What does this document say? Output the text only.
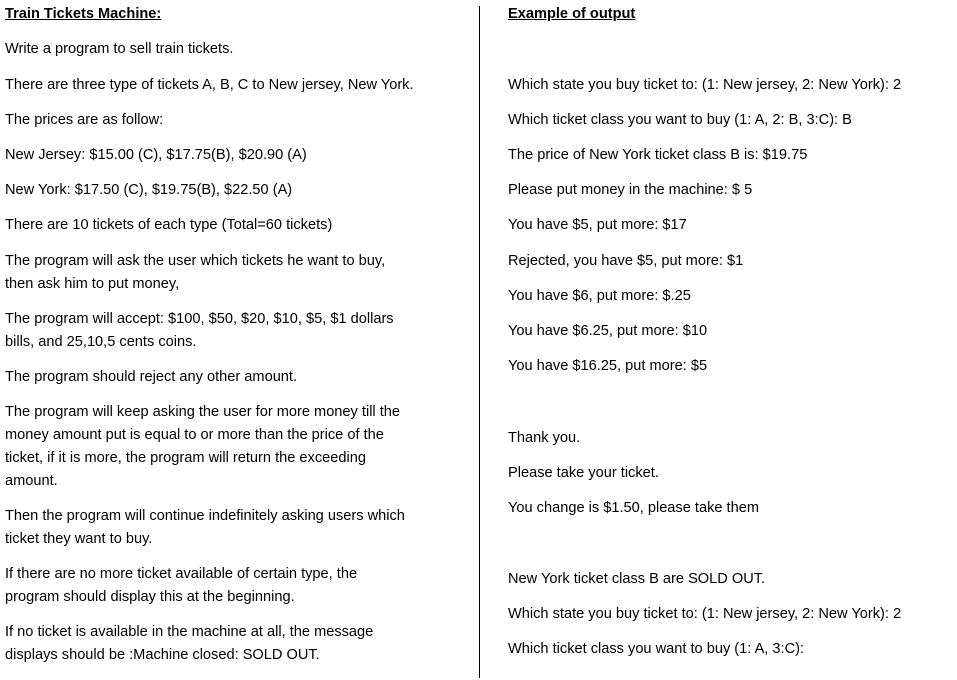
Train Tickets Machine:
Write a program to sell train tickets.
There are three type of tickets A, B, C to New jersey, New York.
The prices are as follow:
New Jersey: $15.00 (C), $17.75(B), $20.90 (A)
New York: $17.50 (C), $19.75(B), $22.50 (A)
There are 10 tickets of each type (Total=60 tickets)
The program will ask the user which tickets he want to buy,
then ask him to put money,
The program will accept: $100, $50, $20, $10, $5, $1 dollars
bills, and 25,10,5 cents coins.
The program should reject any other amount.
The program will keep asking the user for more money till the
money amount put is equal to or more than the price of the
ticket, if it is more, the program will return the exceeding
amount.
Then the program will continue indefinitely asking users which
ticket they want to buy.
If there are no more ticket available of certain type, the
program should display this at the beginning.
If no ticket is available in the machine at all, the message
displays should be :Machine closed: SOLD OUT.
Example of output
Which state you buy ticket to: (1: New jersey, 2: New York): 2
Which ticket class you want to buy (1: A, 2: B, 3:C): B
The price of New York ticket class B is: $19.75
Please put money in the machine: $ 5
You have $5, put more: $17
Rejected, you have $5, put more: $1
You have $6, put more: $.25
You have $6.25, put more: $10
You have $16.25, put more: $5
Thank you.
Please take your ticket.
You change is $1.50, please take them
New York ticket class B are SOLD OUT.
Which state you buy ticket to: (1: New jersey, 2: New York): 2
Which ticket class you want to buy (1: A, 3:C):
